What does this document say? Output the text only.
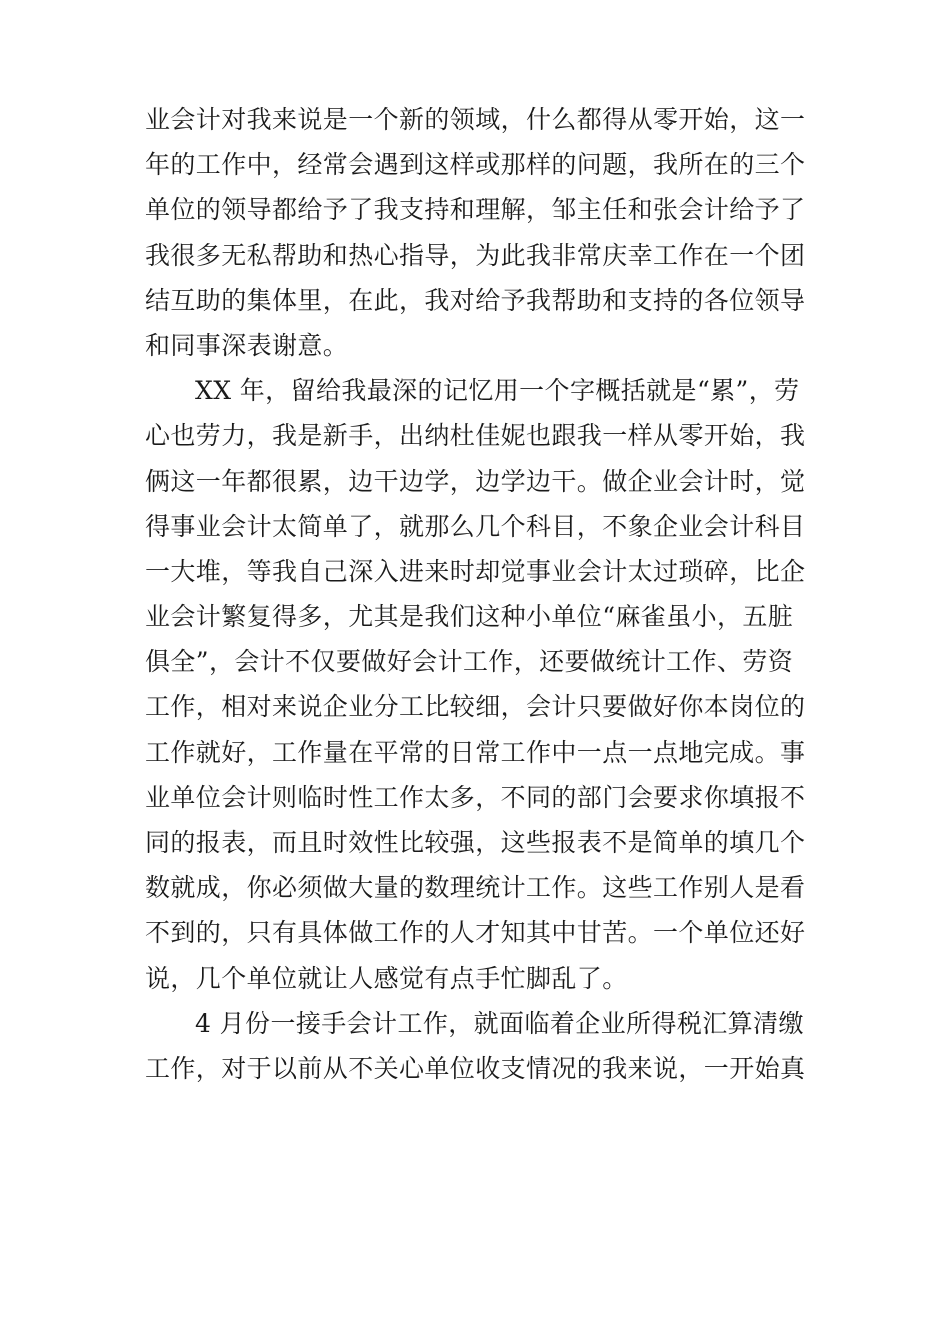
业会计对我来说是一个新的领域，什么都得从零开始，这一
年的工作中，经常会遇到这样或那样的问题，我所在的三个
单位的领导都给予了我支持和理解，邹主任和张会计给予了
我很多无私帮助和热心指导，为此我非常庆幸工作在一个团
结互助的集体里，在此，我对给予我帮助和支持的各位领导
和同事深表谢意。
XX 年，留给我最深的记忆用一个字概括就是“累”，劳
心也劳力，我是新手，出纳杜佳妮也跟我一样从零开始，我
俩这一年都很累，边干边学，边学边干。做企业会计时，觉
得事业会计太简单了，就那么几个科目，不象企业会计科目
一大堆，等我自己深入进来时却觉事业会计太过琐碎，比企
业会计繁复得多，尤其是我们这种小单位“麻雀虽小，五脏
俱全”，会计不仅要做好会计工作，还要做统计工作、劳资
工作，相对来说企业分工比较细，会计只要做好你本岗位的
工作就好，工作量在平常的日常工作中一点一点地完成。事
业单位会计则临时性工作太多，不同的部门会要求你填报不
同的报表，而且时效性比较强，这些报表不是简单的填几个
数就成，你必须做大量的数理统计工作。这些工作别人是看
不到的，只有具体做工作的人才知其中甘苦。一个单位还好
说，几个单位就让人感觉有点手忙脚乱了。
4 月份一接手会计工作，就面临着企业所得税汇算清缴
工作，对于以前从不关心单位收支情况的我来说，一开始真
